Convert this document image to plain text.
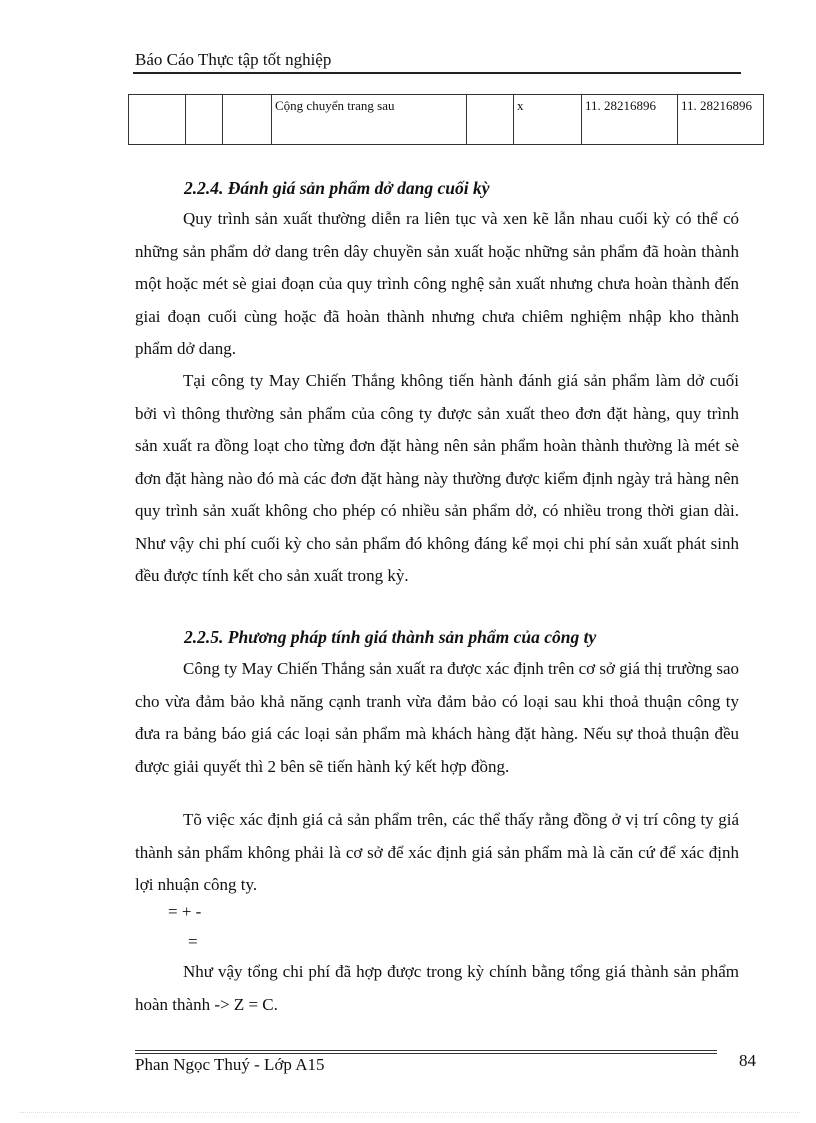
Báo Cáo Thực tập tốt nghiệp
			Cộng chuyển trang sau		x	11. 28216896	11. 28216896
2.2.4. Đánh giá sản phẩm dở dang cuối kỳ
Quy trình sản xuất thường diễn ra liên tục và xen kẽ lẫn nhau cuối kỳ có thể có những sản phẩm dở dang trên dây chuyền sản xuất hoặc những sản phẩm đã hoàn thành một hoặc mét sè giai đoạn của quy trình công nghệ sản xuất nhưng chưa hoàn thành đến giai đoạn cuối cùng hoặc đã hoàn thành nhưng chưa chiêm nghiệm nhập kho thành phẩm dở dang.
Tại công ty May Chiến Thắng không tiến hành đánh giá sản phẩm làm dở cuối bởi vì thông thường sản phẩm của công ty được sản xuất theo đơn đặt hàng, quy trình sản xuất ra đồng loạt cho từng đơn đặt hàng nên sản phẩm hoàn thành thường là mét sè đơn đặt hàng nào đó mà các đơn đặt hàng này thường được kiểm định ngày trả hàng nên quy trình sản xuất không cho phép có nhiều sản phẩm dở, có nhiều trong thời gian dài. Như vậy chi phí cuối kỳ cho sản phẩm đó không đáng kể mọi chi phí sản xuất phát sinh đều được tính kết cho sản xuất trong kỳ.
2.2.5. Phương pháp tính giá thành sản phẩm của công ty
Công ty May Chiến Thắng sản xuất ra được xác định trên cơ sở giá thị trường sao cho vừa đảm bảo khả năng cạnh tranh vừa đảm bảo có loại sau khi thoả thuận công ty đưa ra bảng báo giá các loại sản phẩm mà khách hàng đặt hàng. Nếu sự thoả thuận đều được giải quyết thì 2 bên sẽ tiến hành ký kết hợp đồng.
Tõ việc xác định giá cả sản phẩm trên, các thể thấy rằng đồng ở vị trí công ty giá thành sản phẩm không phải là cơ sở để xác định giá sản phẩm mà là căn cứ để xác định lợi nhuận công ty.
= + -
=
Như vậy tổng chi phí đã hợp được trong kỳ chính bằng tổng giá thành sản phẩm hoàn thành -> Z = C.
Phan Ngọc Thuý - Lớp A15	84
